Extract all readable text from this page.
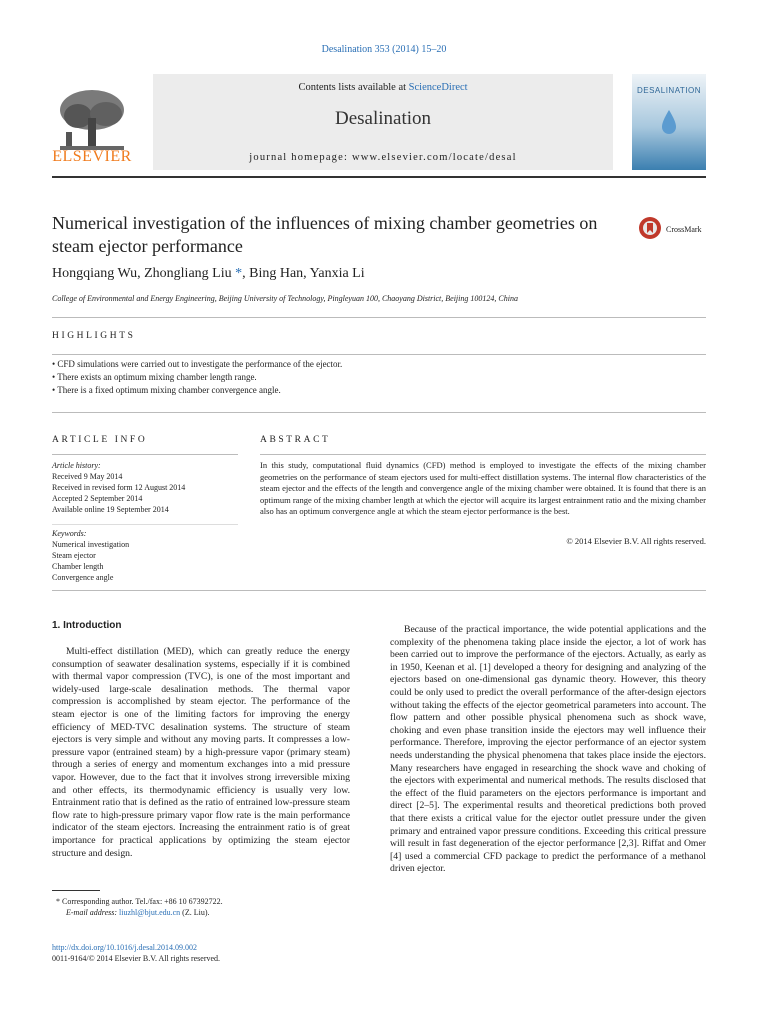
Desalination 353 (2014) 15–20
Contents lists available at ScienceDirect
Desalination
journal homepage: www.elsevier.com/locate/desal
ELSEVIER
DESALINATION
Numerical investigation of the influences of mixing chamber geometries on steam ejector performance
CrossMark
Hongqiang Wu, Zhongliang Liu *, Bing Han, Yanxia Li
College of Environmental and Energy Engineering, Beijing University of Technology, Pingleyuan 100, Chaoyang District, Beijing 100124, China
HIGHLIGHTS
• CFD simulations were carried out to investigate the performance of the ejector.
• There exists an optimum mixing chamber length range.
• There is a fixed optimum mixing chamber convergence angle.
ARTICLE INFO	ABSTRACT
Article history:
Received 9 May 2014
Received in revised form 12 August 2014
Accepted 2 September 2014
Available online 19 September 2014
Keywords:
Numerical investigation
Steam ejector
Chamber length
Convergence angle
In this study, computational fluid dynamics (CFD) method is employed to investigate the effects of the mixing chamber geometries on the performance of steam ejectors used for multi-effect distillation systems. The internal flow characteristics of the steam ejector and the effects of the length and convergence angle of the mixing chamber were obtained. It is found that there is an optimum range of the mixing chamber length at which the ejector will acquire its largest entrainment ratio and the mixing chamber also has an optimum convergence angle at which the steam ejector performance is the best.
© 2014 Elsevier B.V. All rights reserved.
1. Introduction

Multi-effect distillation (MED), which can greatly reduce the energy consumption of seawater desalination systems, especially if it is combined with thermal vapor compression (TVC), is one of the most important and widely-used large-scale desalination methods. The thermal vapor compression is accomplished by steam ejector. The performance of the steam ejector is one of the limiting factors for improving the energy efficiency of MED-TVC desalination systems. The structure of steam ejectors is very simple and without any moving parts. It compresses a low-pressure vapor (entrained steam) by a high-pressure vapor (primary steam) through a series of energy and momentum exchanges into a mid pressure vapor. However, due to the fact that it involves strong irreversible mixing and other effects, its thermodynamic efficiency is usually very low. Entrainment ratio that is defined as the ratio of entrained low-pressure steam flow rate to high-pressure primary vapor flow rate is the main performance indicator of the steam ejectors. Increasing the entrainment ratio is of great importance for practical applications by optimizing the steam ejector structure and design.

Because of the practical importance, the wide potential applications and the complexity of the phenomena taking place inside the ejector, a lot of work has been carried out to improve the performance of the ejectors. Actually, as early as in 1950, Keenan et al. [1] developed a theory for designing and analyzing of the ejectors based on one-dimensional gas dynamic theory. However, this theory could be only used to predict the overall performance of the after-design ejectors without taking the effects of the ejector geometrical parameters into account. The flow pattern and other possible physical phenomena such as shock wave, choking and even phase transition inside the ejectors may well influence their performance. Therefore, improving the ejector performance of an ejector system needs understanding the physical phenomena that takes place inside the ejectors. Many researchers have engaged in researching the shock wave and choking of the ejectors with experimental and numerical methods. The results disclosed that the effect of the fluid parameters on the ejectors performance is important and direct [2–5]. The experimental results and theoretical predictions both proved that there exists a critical value for the ejector outlet pressure under the given primary and entrained vapor pressure conditions. Exceeding this critical pressure will result in fast degeneration of the ejector performance [2,3]. Riffat and Omer [4] used a commercial CFD package to predict the performance of a methanol driven ejector.

* Corresponding author. Tel./fax: +86 10 67392722.
E-mail address: liuzhl@bjut.edu.cn (Z. Liu).
http://dx.doi.org/10.1016/j.desal.2014.09.002
0011-9164/© 2014 Elsevier B.V. All rights reserved.
